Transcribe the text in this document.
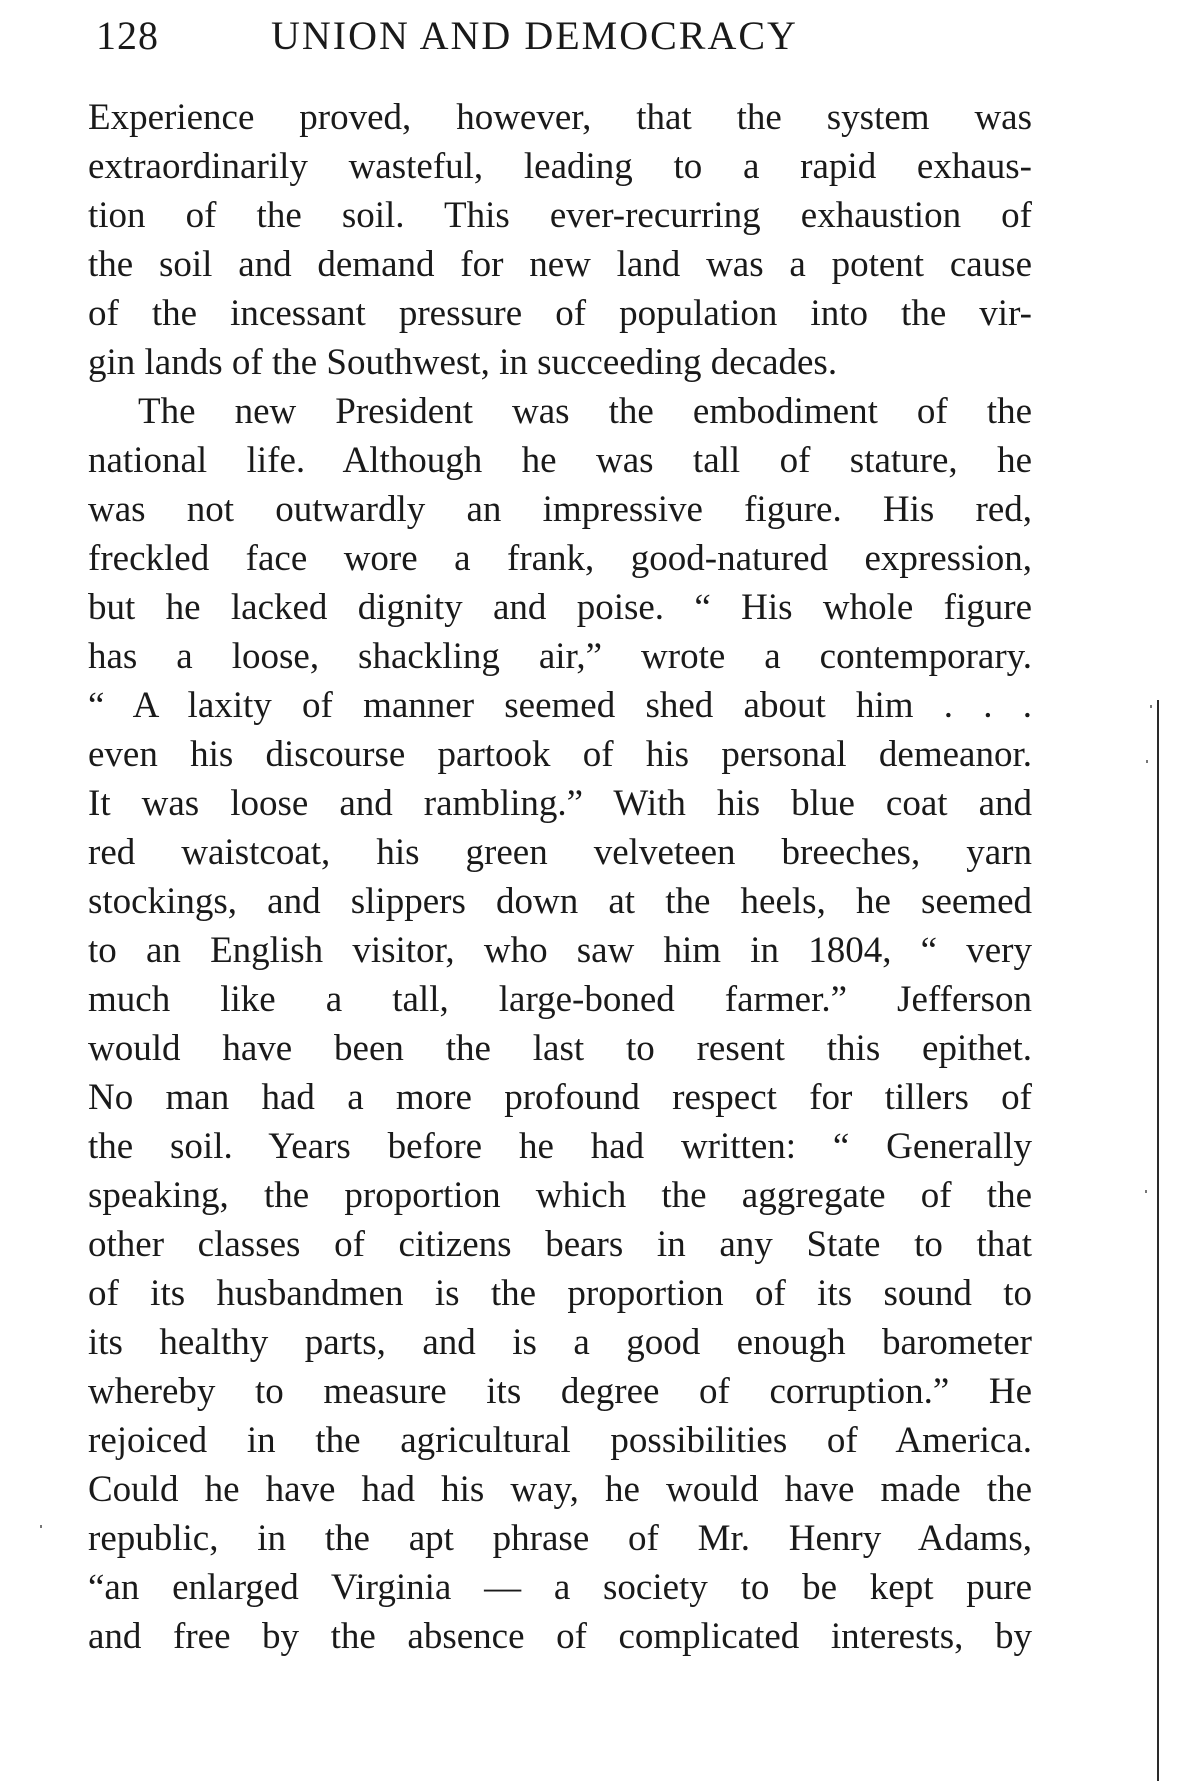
128	UNION AND DEMOCRACY
Experience proved, however, that the system was
extraordinarily wasteful, leading to a rapid exhaus-
tion of the soil. This ever-recurring exhaustion of
the soil and demand for new land was a potent cause
of the incessant pressure of population into the vir-
gin lands of the Southwest, in succeeding decades.
The new President was the embodiment of the
national life. Although he was tall of stature, he
was not outwardly an impressive figure. His red,
freckled face wore a frank, good-natured expression,
but he lacked dignity and poise. “ His whole figure
has a loose, shackling air,” wrote a contemporary.
“ A laxity of manner seemed shed about him . . .
even his discourse partook of his personal demeanor.
It was loose and rambling.” With his blue coat and
red waistcoat, his green velveteen breeches, yarn
stockings, and slippers down at the heels, he seemed
to an English visitor, who saw him in 1804, “ very
much like a tall, large-boned farmer.” Jefferson
would have been the last to resent this epithet.
No man had a more profound respect for tillers of
the soil. Years before he had written: “ Generally
speaking, the proportion which the aggregate of the
other classes of citizens bears in any State to that
of its husbandmen is the proportion of its sound to
its healthy parts, and is a good enough barometer
whereby to measure its degree of corruption.” He
rejoiced in the agricultural possibilities of America.
Could he have had his way, he would have made the
republic, in the apt phrase of Mr. Henry Adams,
“an enlarged Virginia — a society to be kept pure
and free by the absence of complicated interests, by
